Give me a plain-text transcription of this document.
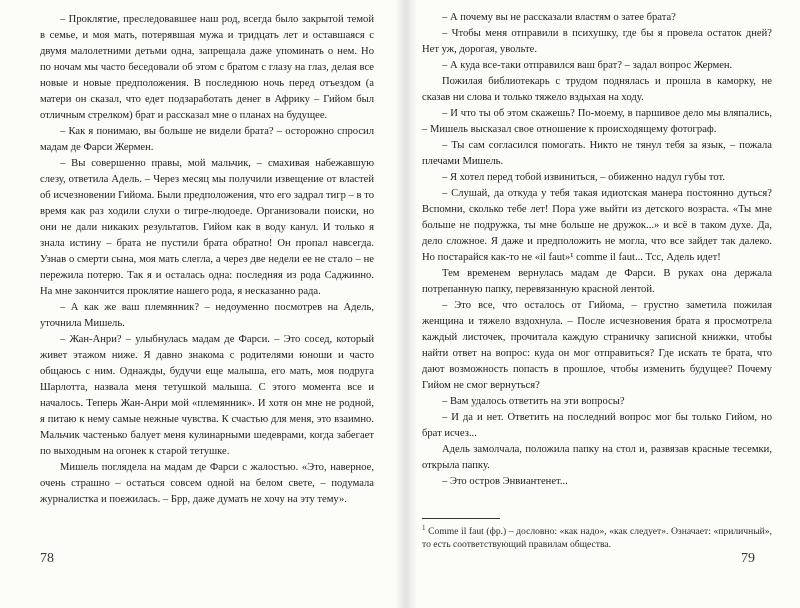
– Проклятие, преследовавшее наш род, всегда было закрытой темой в семье, и моя мать, потерявшая мужа и тридцать лет и оставшаяся с двумя малолетними детьми одна, запрещала даже упоминать о нем. Но по ночам мы часто беседовали об этом с братом с глазу на глаз, делая все новые и новые предположения. В последнюю ночь перед отъездом (а матери он сказал, что едет подзаработать денег в Африку – Гийом был отличным стрелком) брат и рассказал мне о планах на будущее.

– Как я понимаю, вы больше не видели брата? – осторожно спросил мадам де Фарси Жермен.

– Вы совершенно правы, мой мальчик, – смахивая набежавшую слезу, ответила Адель. – Через месяц мы получили извещение от властей об исчезновении Гийома. Были предположения, что его задрал тигр – в то время как раз ходили слухи о тигре-людоеде. Организовали поиски, но они не дали никаких результатов. Гийом как в воду канул. И только я знала истину – брата не пустили брата обратно! Он пропал навсегда. Узнав о смерти сына, моя мать слегла, а через две недели ее не стало – не пережила потерю. Так я и осталась одна: последняя из рода Саджинно. На мне закончится проклятие нашего рода, я несказанно рада.

– А как же ваш племянник? – недоуменно посмотрев на Адель, уточнила Мишель.

– Жан-Анри? – улыбнулась мадам де Фарси. – Это сосед, который живет этажом ниже. Я давно знакома с родителями юноши и часто общаюсь с ним. Однажды, будучи еще малыша, его мать, моя подруга Шарлотта, назвала меня тетушкой малыша. С этого момента все и началось. Теперь Жан-Анри мой «племянник». И хотя он мне не родной, я питаю к нему самые нежные чувства. К счастью для меня, это взаимно. Мальчик частенько балует меня кулинарными шедеврами, когда забегает по выходным на огонек к старой тетушке.

Мишель поглядела на мадам де Фарси с жалостью. «Это, наверное, очень страшно – остаться совсем одной на белом свете, – подумала журналистка и поежилась. – Брр, даже думать не хочу на эту тему».

78

– А почему вы не рассказали властям о затее брата?

– Чтобы меня отправили в психушку, где бы я провела остаток дней? Нет уж, дорогая, увольте.

– А куда все-таки отправился ваш брат? – задал вопрос Жермен.

Пожилая библиотекарь с трудом поднялась и прошла в каморку, не сказав ни слова и только тяжело вздыхая на ходу.

– И что ты об этом скажешь? По-моему, в паршивое дело мы вляпались, – Мишель высказал свое отношение к происходящему фотограф.

– Ты сам согласился помогать. Никто не тянул тебя за язык, – пожала плечами Мишель.

– Я хотел перед тобой извиниться, – обиженно надул губы тот.

– Слушай, да откуда у тебя такая идиотская манера постоянно дуться? Вспомни, сколько тебе лет! Пора уже выйти из детского возраста. «Ты мне больше не подружка, ты мне больше не дружок...» и всё в таком духе. Да, дело сложное. Я даже и предположить не могла, что все зайдет так далеко. Но постарайся как-то не «il faut»¹ comme il faut... Тсс, Адель идет!

Тем временем вернулась мадам де Фарси. В руках она держала потрепанную папку, перевязанную красной лентой.

– Это все, что осталось от Гийома, – грустно заметила пожилая женщина и тяжело вздохнула. – После исчезновения брата я просмотрела каждый листочек, прочитала каждую страничку записной книжки, чтобы найти ответ на вопрос: куда он мог отправиться? Где искать те брата, что дают возможность попасть в прошлое, чтобы изменить будущее? Почему Гийом не смог вернуться?

– Вам удалось ответить на эти вопросы?

– И да и нет. Ответить на последний вопрос мог бы только Гийом, но брат исчез...

Адель замолчала, положила папку на стол и, развязав красные тесемки, открыла папку.

– Это остров Энвиантенет...

$^1$ Comme il faut (фр.) – дословно: «как надо», «как следует». Означает: «приличный», то есть соответствующий правилам общества.
79
